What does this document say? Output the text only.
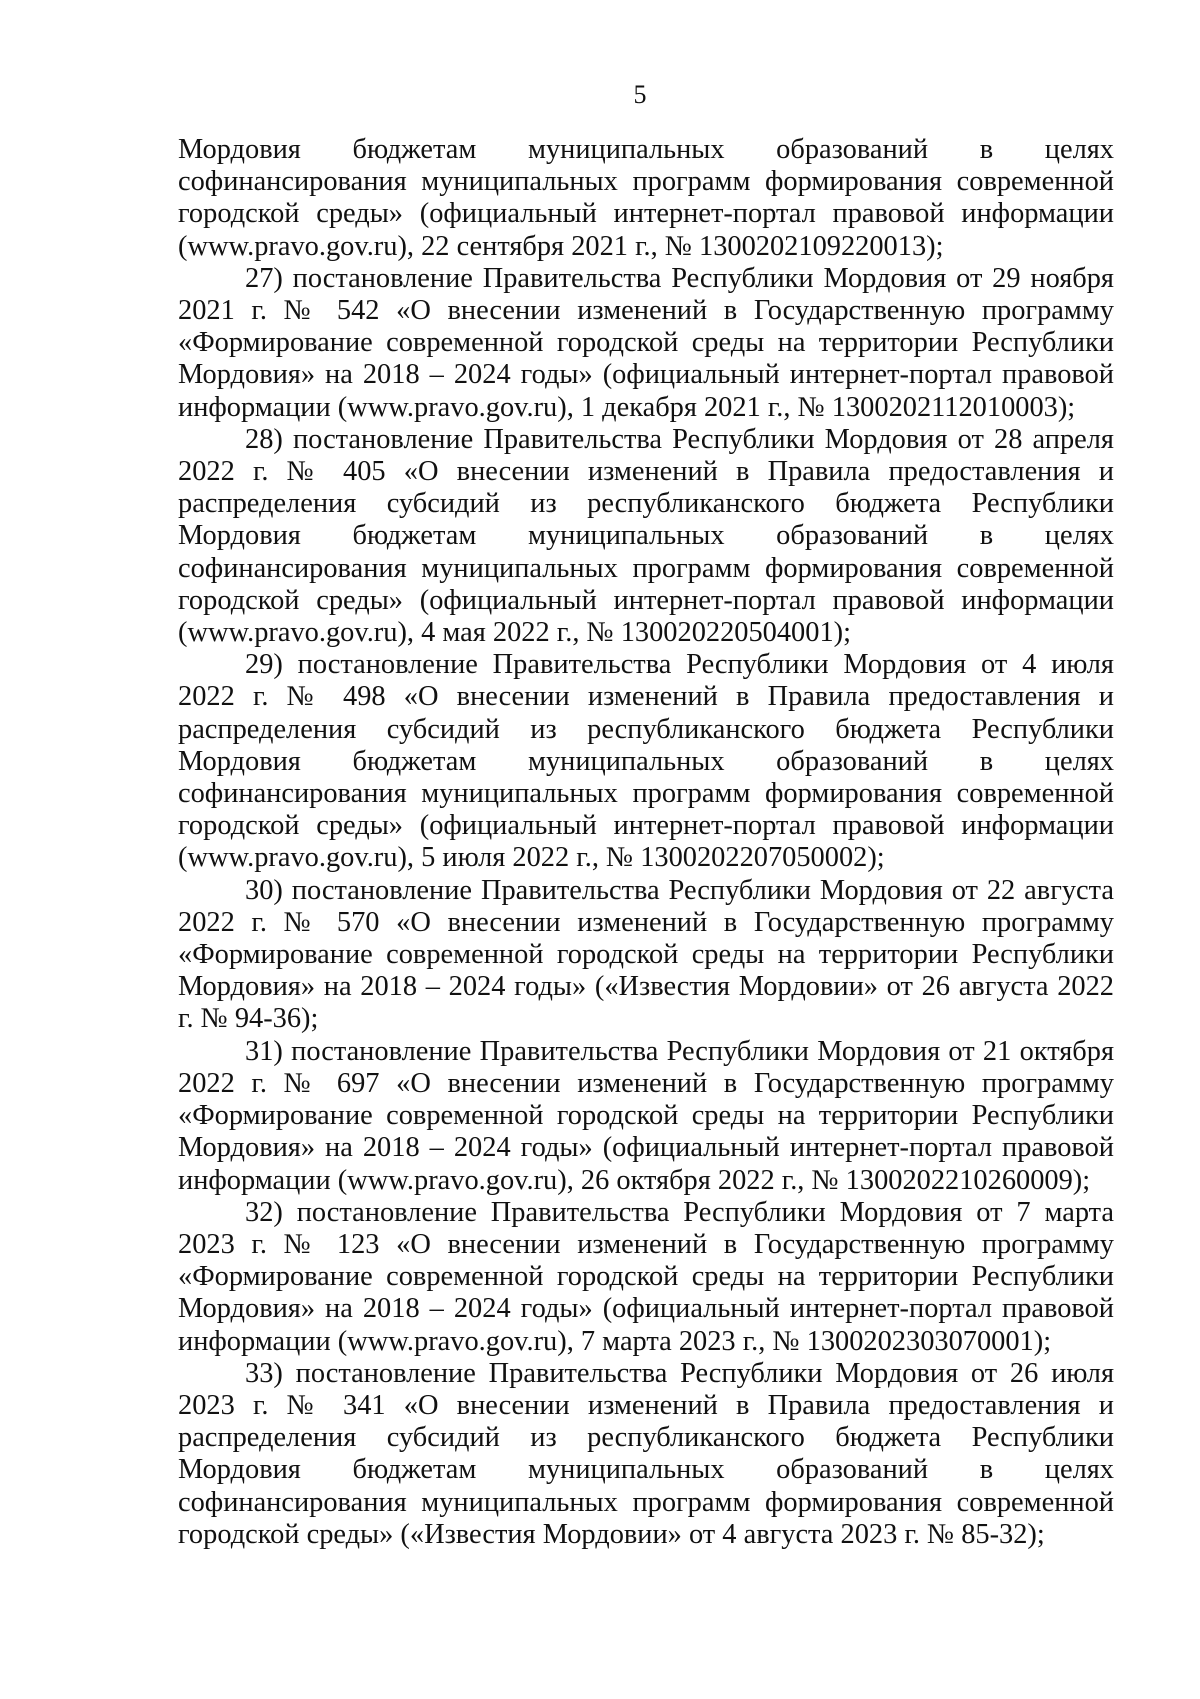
5

Мордовия бюджетам муниципальных образований в целях софинансирования муниципальных программ формирования современной городской среды» (официальный интернет-портал правовой информации (www.pravo.gov.ru), 22 сентября 2021 г., № 1300202109220013);

27) постановление Правительства Республики Мордовия от 29 ноября 2021 г. № 542 «О внесении изменений в Государственную программу «Формирование современной городской среды на территории Республики Мордовия» на 2018 – 2024 годы» (официальный интернет-портал правовой информации (www.pravo.gov.ru), 1 декабря 2021 г., № 1300202112010003);

28) постановление Правительства Республики Мордовия от 28 апреля 2022 г. № 405 «О внесении изменений в Правила предоставления и распределения субсидий из республиканского бюджета Республики Мордовия бюджетам муниципальных образований в целях софинансирования муниципальных программ формирования современной городской среды» (официальный интернет-портал правовой информации (www.pravo.gov.ru), 4 мая 2022 г., № 130020220504001);

29) постановление Правительства Республики Мордовия от 4 июля 2022 г. № 498 «О внесении изменений в Правила предоставления и распределения субсидий из республиканского бюджета Республики Мордовия бюджетам муниципальных образований в целях софинансирования муниципальных программ формирования современной городской среды» (официальный интернет-портал правовой информации (www.pravo.gov.ru), 5 июля 2022 г., № 1300202207050002);

30) постановление Правительства Республики Мордовия от 22 августа 2022 г. № 570 «О внесении изменений в Государственную программу «Формирование современной городской среды на территории Республики Мордовия» на 2018 – 2024 годы» («Известия Мордовии» от 26 августа 2022 г. № 94-36);

31) постановление Правительства Республики Мордовия от 21 октября 2022 г. № 697 «О внесении изменений в Государственную программу «Формирование современной городской среды на территории Республики Мордовия» на 2018 – 2024 годы» (официальный интернет-портал правовой информации (www.pravo.gov.ru), 26 октября 2022 г., № 1300202210260009);

32) постановление Правительства Республики Мордовия от 7 марта 2023 г. № 123 «О внесении изменений в Государственную программу «Формирование современной городской среды на территории Республики Мордовия» на 2018 – 2024 годы» (официальный интернет-портал правовой информации (www.pravo.gov.ru), 7 марта 2023 г., № 1300202303070001);

33) постановление Правительства Республики Мордовия от 26 июля 2023 г. № 341 «О внесении изменений в Правила предоставления и распределения субсидий из республиканского бюджета Республики Мордовия бюджетам муниципальных образований в целях софинансирования муниципальных программ формирования современной городской среды» («Известия Мордовии» от 4 августа 2023 г. № 85-32);
